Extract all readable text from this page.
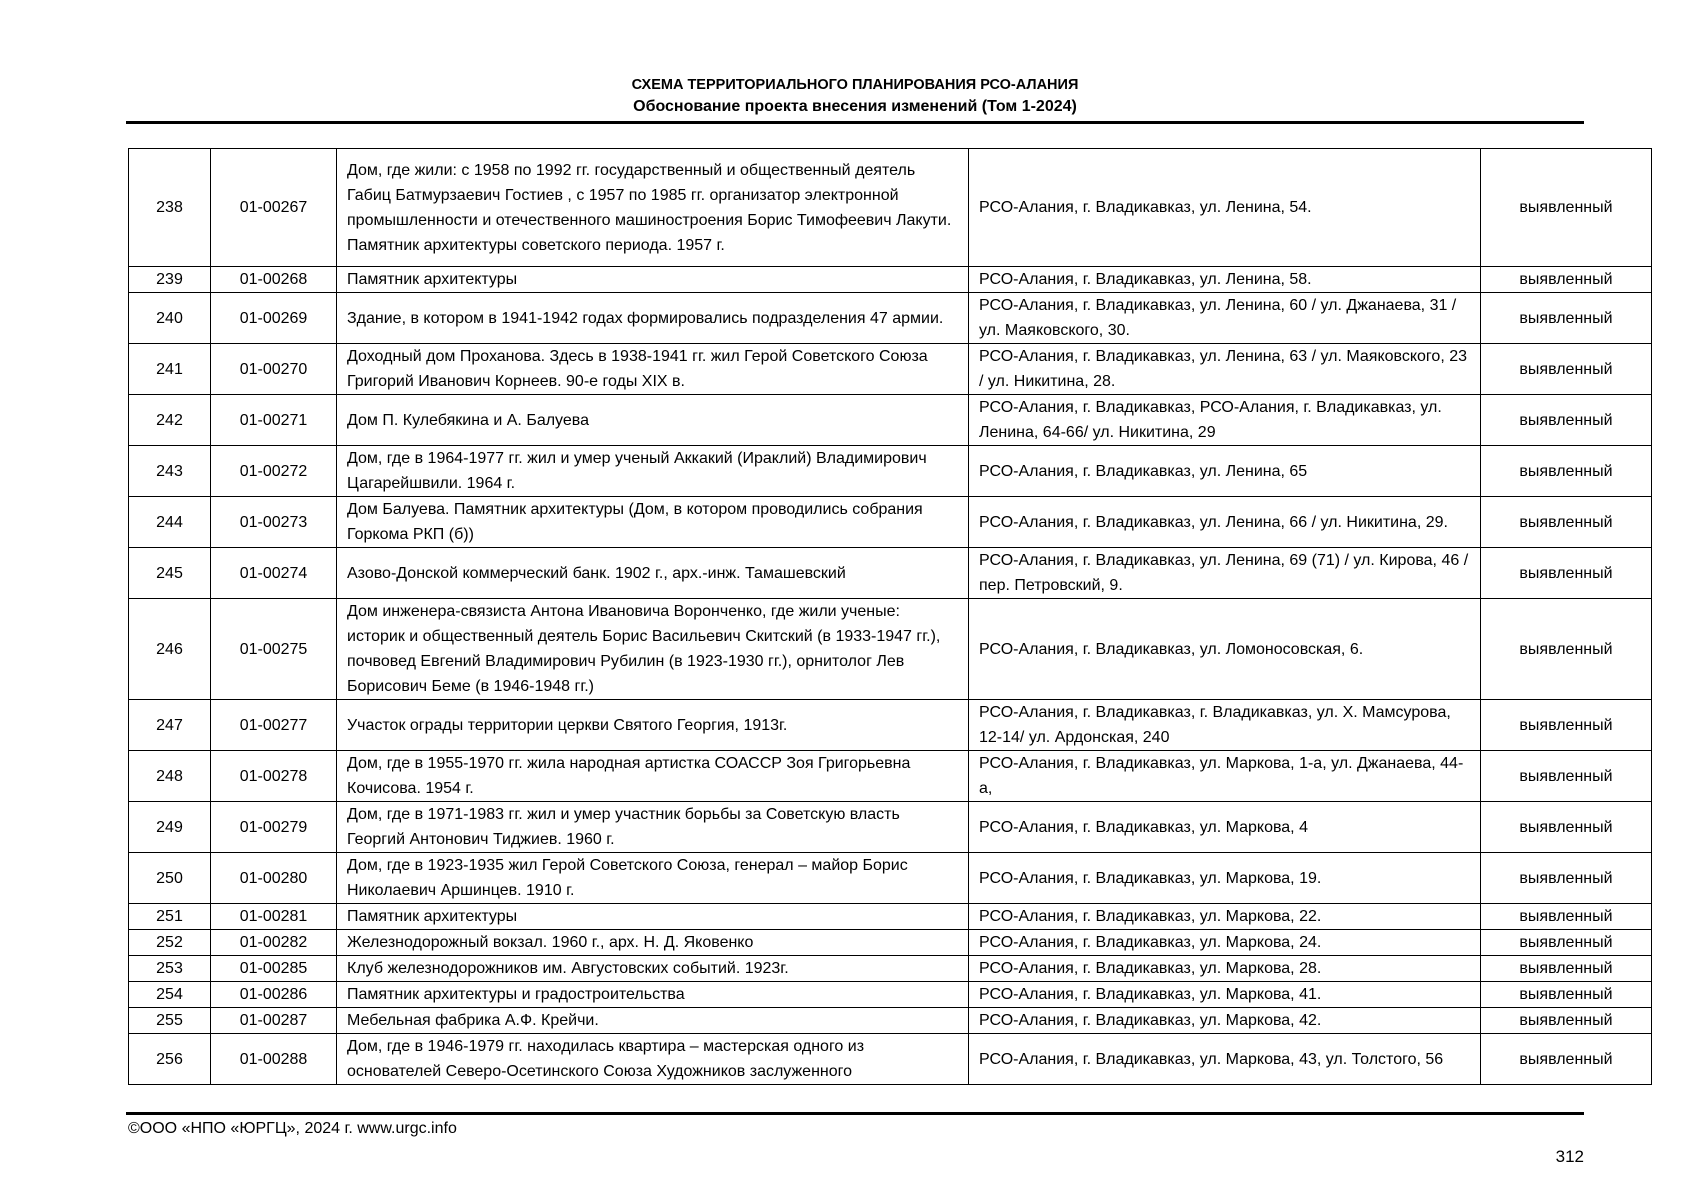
СХЕМА ТЕРРИТОРИАЛЬНОГО ПЛАНИРОВАНИЯ РСО-АЛАНИЯ
Обоснование проекта внесения изменений (Том 1-2024)
238	01-00267	Дом, где жили: с 1958 по 1992 гг. государственный и общественный деятель Габиц Батмурзаевич Гостиев , с 1957 по 1985 гг. организатор электронной промышленности и отечественного машиностроения Борис Тимофеевич Лакути. Памятник архитектуры советского периода. 1957 г.	РСО-Алания, г. Владикавказ, ул. Ленина, 54.	выявленный
239	01-00268	Памятник архитектуры	РСО-Алания, г. Владикавказ, ул. Ленина, 58.	выявленный
240	01-00269	Здание, в котором в 1941-1942 годах формировались подразделения 47 армии.	РСО-Алания, г. Владикавказ, ул. Ленина, 60 / ул. Джанаева, 31 / ул. Маяковского, 30.	выявленный
241	01-00270	Доходный дом Проханова. Здесь в 1938-1941 гг. жил Герой Советского Союза Григорий Иванович Корнеев. 90-е годы XIX в.	РСО-Алания, г. Владикавказ, ул. Ленина, 63 / ул. Маяковского, 23 / ул. Никитина, 28.	выявленный
242	01-00271	Дом П. Кулебякина и А. Балуева	РСО-Алания, г. Владикавказ, РСО-Алания, г. Владикавказ, ул. Ленина, 64-66/ ул. Никитина, 29	выявленный
243	01-00272	Дом, где в 1964-1977 гг. жил и умер ученый Аккакий (Ираклий) Владимирович Цагарейшвили. 1964 г.	РСО-Алания, г. Владикавказ, ул. Ленина, 65	выявленный
244	01-00273	Дом Балуева. Памятник архитектуры (Дом, в котором проводились собрания Горкома РКП (б))	РСО-Алания, г. Владикавказ, ул. Ленина, 66 / ул. Никитина, 29.	выявленный
245	01-00274	Азово-Донской коммерческий банк. 1902 г., арх.-инж. Тамашевский	РСО-Алания, г. Владикавказ, ул. Ленина, 69 (71) / ул. Кирова, 46 / пер. Петровский, 9.	выявленный
246	01-00275	Дом инженера-связиста Антона Ивановича Ворончeнко, где жили ученые: историк и общественный деятель Борис Васильевич Скитский (в 1933-1947 гг.), почвовед Евгений Владимирович Рубилин (в 1923-1930 гг.), орнитолог Лев Борисович Беме (в 1946-1948 гг.)	РСО-Алания, г. Владикавказ, ул. Ломоносовская, 6.	выявленный
247	01-00277	Участок ограды территории церкви Святого Георгия, 1913г.	РСО-Алания, г. Владикавказ, г. Владикавказ, ул. Х. Мамсурова, 12-14/ ул. Ардонская, 240	выявленный
248	01-00278	Дом, где в 1955-1970 гг. жила народная артистка СОАССР Зоя Григорьевна Кочисова. 1954 г.	РСО-Алания, г. Владикавказ, ул. Маркова, 1-а, ул. Джанаева, 44-а,	выявленный
249	01-00279	Дом, где в 1971-1983 гг. жил и умер участник борьбы за Советскую власть Георгий Антонович Тиджиев. 1960 г.	РСО-Алания, г. Владикавказ, ул. Маркова, 4	выявленный
250	01-00280	Дом, где в 1923-1935 жил Герой Советского Союза, генерал – майор Борис Николаевич Аршинцев. 1910 г.	РСО-Алания, г. Владикавказ, ул. Маркова, 19.	выявленный
251	01-00281	Памятник архитектуры	РСО-Алания, г. Владикавказ, ул. Маркова, 22.	выявленный
252	01-00282	Железнодорожный вокзал. 1960 г., арх. Н. Д. Яковенко	РСО-Алания, г. Владикавказ, ул. Маркова, 24.	выявленный
253	01-00285	Клуб железнодорожников им. Августовских событий. 1923г.	РСО-Алания, г. Владикавказ, ул. Маркова, 28.	выявленный
254	01-00286	Памятник архитектуры и градостроительства	РСО-Алания, г. Владикавказ, ул. Маркова, 41.	выявленный
255	01-00287	Мебельная фабрика А.Ф. Крейчи.	РСО-Алания, г. Владикавказ, ул. Маркова, 42.	выявленный
256	01-00288	Дом, где в 1946-1979 гг. находилась квартира – мастерская одного из основателей Северо-Осетинского Союза Художников заслуженного	РСО-Алания, г. Владикавказ, ул. Маркова, 43, ул. Толстого, 56	выявленный
©ООО «НПО «ЮРГЦ», 2024 г. www.urgc.info
312
